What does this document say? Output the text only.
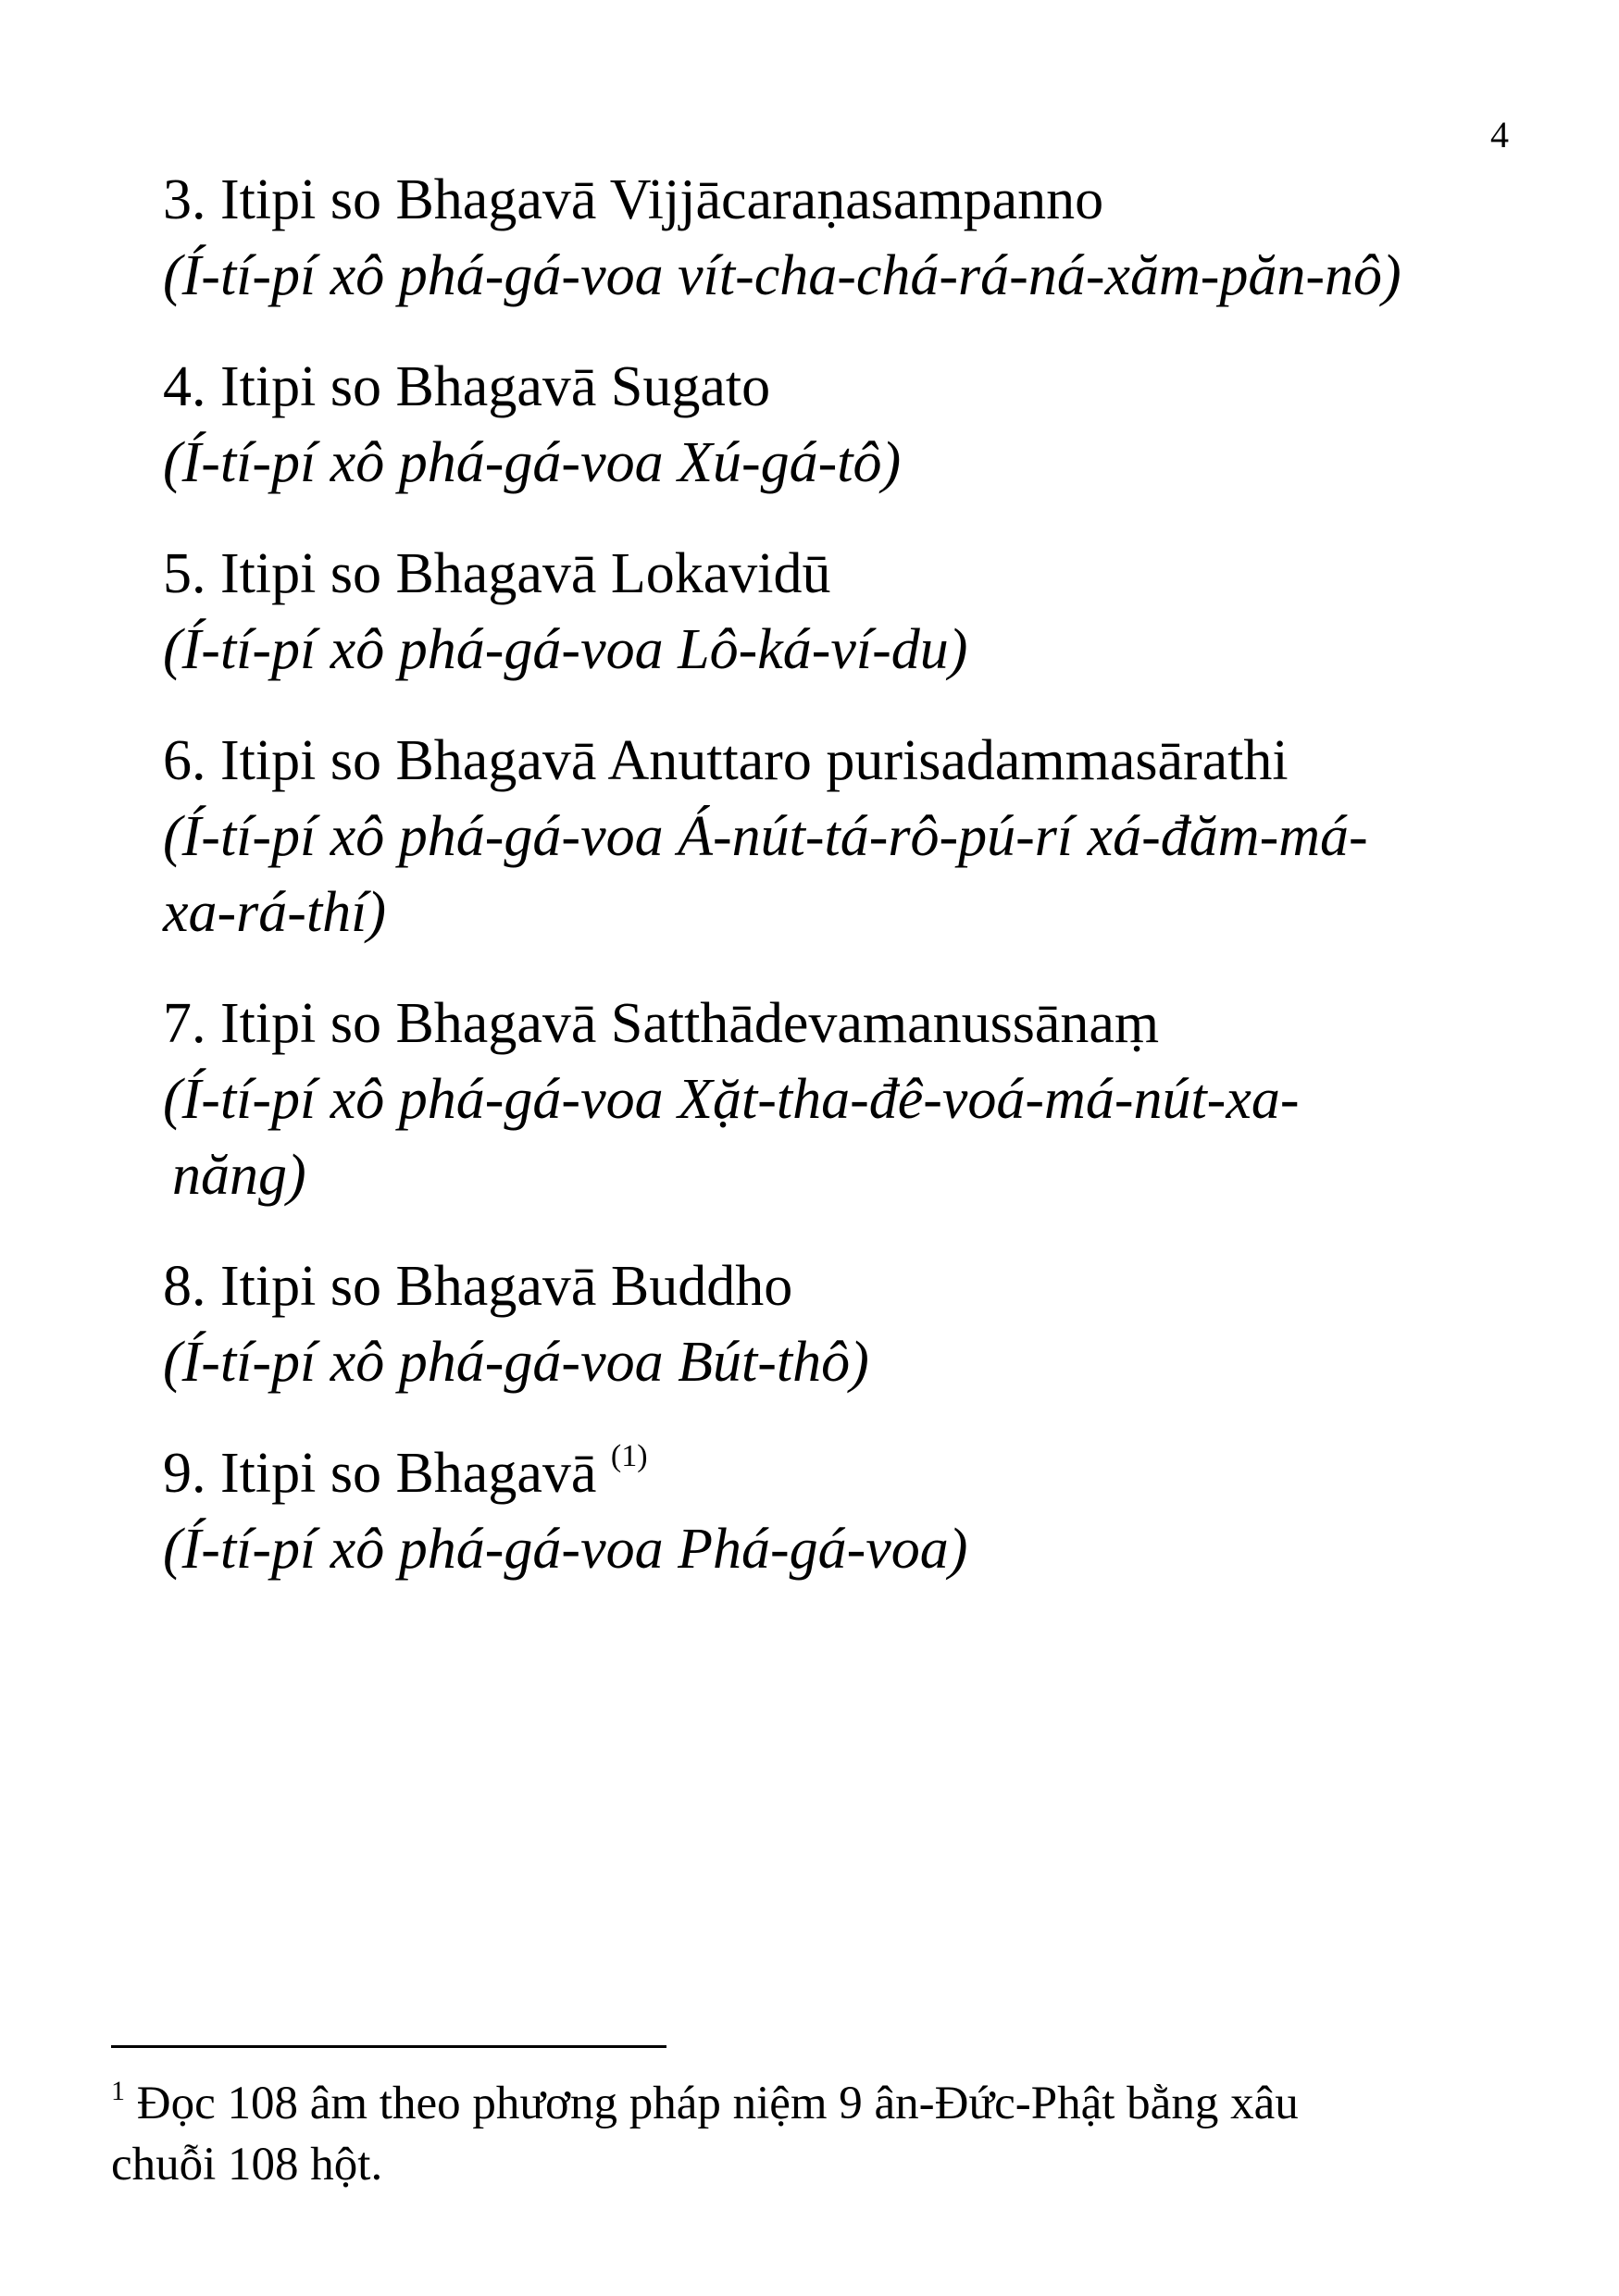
4
3. Itipi so Bhagavā Vijjācaraṇasampanno
(Í-tí-pí xô phá-gá-voa vít-cha-chá-rá-ná-xăm-păn-nô)
4. Itipi so Bhagavā Sugato
(Í-tí-pí xô phá-gá-voa Xú-gá-tô)
5. Itipi so Bhagavā Lokavidū
(Í-tí-pí xô phá-gá-voa Lô-ká-ví-du)
6. Itipi so Bhagavā Anuttaro purisadammasārathi
(Í-tí-pí xô phá-gá-voa Á-nút-tá-rô-pú-rí xá-đăm-má-
xa-rá-thí)
7. Itipi so Bhagavā Satthādevamanussānaṃ
(Í-tí-pí xô phá-gá-voa Xặt-tha-đê-voá-má-nút-xa-
năng)
8. Itipi so Bhagavā Buddho
(Í-tí-pí xô phá-gá-voa Bút-thô)
9. Itipi so Bhagavā $^{(1)}$
(Í-tí-pí xô phá-gá-voa Phá-gá-voa)
$^1$ Đọc 108 âm theo phương pháp niệm 9 ân-Đức-Phật bằng xâu
chuỗi 108 hột.
